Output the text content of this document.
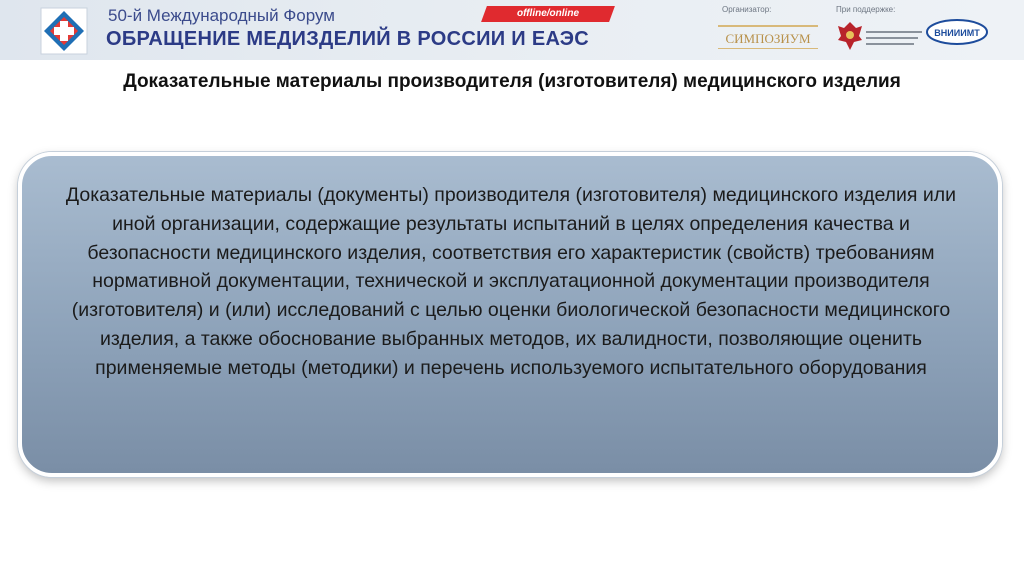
50-й Международный Форум
ОБРАЩЕНИЕ МЕДИЗДЕЛИЙ В РОССИИ И ЕАЭС
offline/online	Организатор:	При поддержке:
СИМПОЗИУМ	ВНИИИМТ
Доказательные материалы производителя (изготовителя) медицинского изделия
Доказательные материалы (документы) производителя (изготовителя) медицинского изделия или иной организации, содержащие результаты испытаний в целях определения качества и безопасности медицинского изделия, соответствия его характеристик (свойств) требованиям нормативной документации, технической и эксплуатационной документации производителя (изготовителя) и (или) исследований с целью оценки биологической безопасности медицинского изделия, а также обоснование выбранных методов, их валидности, позволяющие оценить применяемые методы (методики) и перечень используемого испытательного оборудования
